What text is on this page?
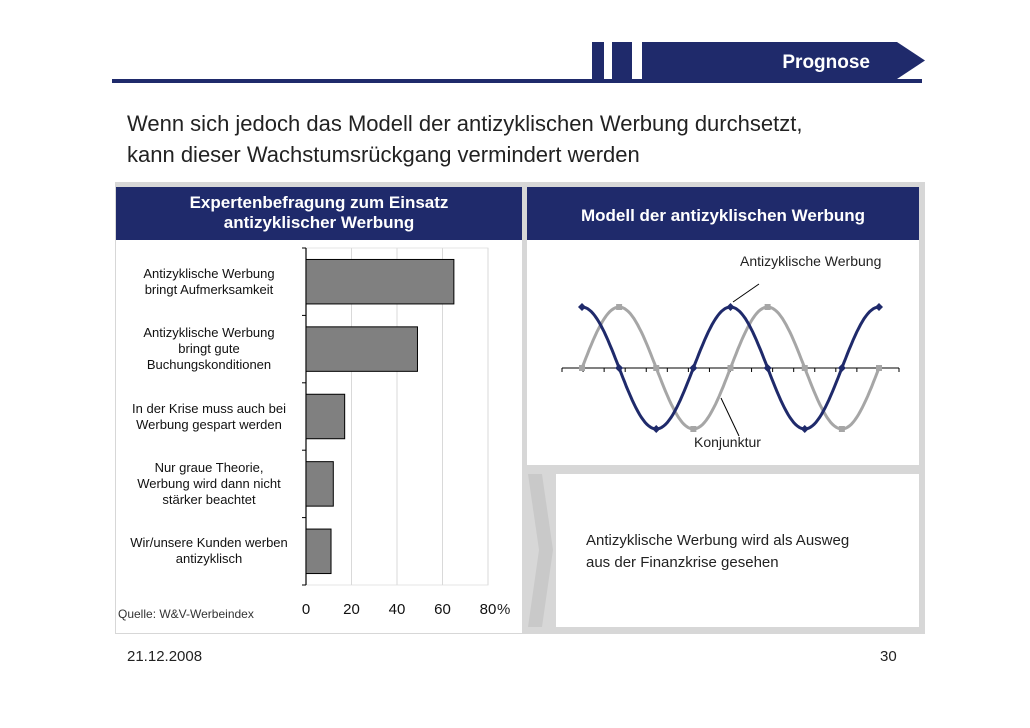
Prognose
Wenn sich jedoch das Modell der antizyklischen Werbung durchsetzt,
kann dieser Wachstumsrückgang vermindert werden
Expertenbefragung zum Einsatz
antizyklischer Werbung
Antizyklische Werbung
bringt Aufmerksamkeit
Antizyklische Werbung
bringt gute
Buchungskonditionen
In der Krise muss auch bei
Werbung gespart werden
Nur graue Theorie,
Werbung wird dann nicht
stärker beachtet
Wir/unsere Kunden werben
antizyklisch
0	20 40 60 80 %
Quelle: W&V-Werbeindex
Modell der antizyklischen Werbung
Antizyklische Werbung
Konjunktur
Antizyklische Werbung wird als Ausweg
aus der Finanzkrise gesehen
21.12.2008	30
